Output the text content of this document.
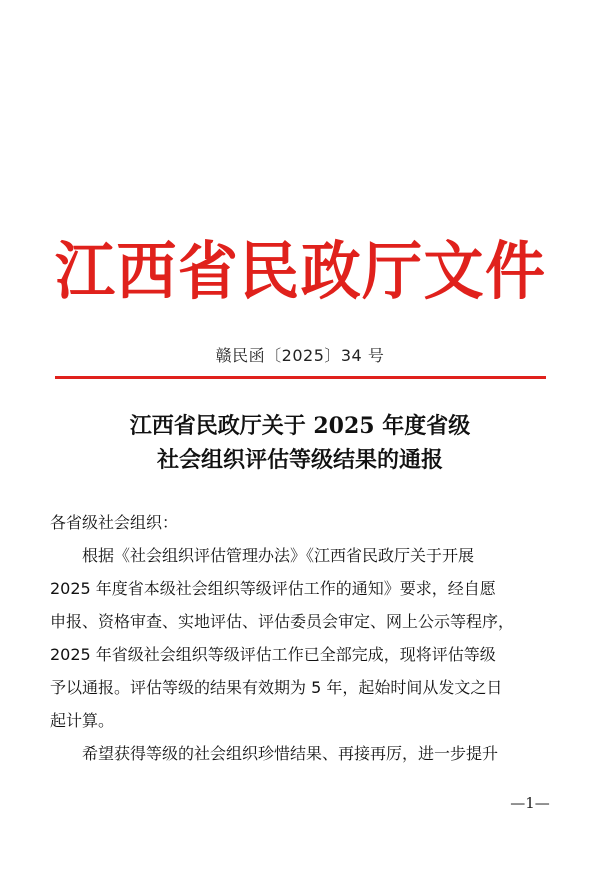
江 西 省 民 政 厅 文 件
赣民函〔2025〕34 号
江西省民政厅关于 2025 年度省级
社会组织评估等级结果的通报
各省级社会组织：
　　根据《社会组织评估管理办法》《江西省民政厅关于开展
2025 年度省本级社会组织等级评估工作的通知》要求，经自愿
申报、资格审查、实地评估、评估委员会审定、网上公示等程序，
2025 年省级社会组织等级评估工作已全部完成，现将评估等级
予以通报。评估等级的结果有效期为 5 年，起始时间从发文之日
起计算。
　　希望获得等级的社会组织珍惜结果、再接再厉，进一步提升
—1—
